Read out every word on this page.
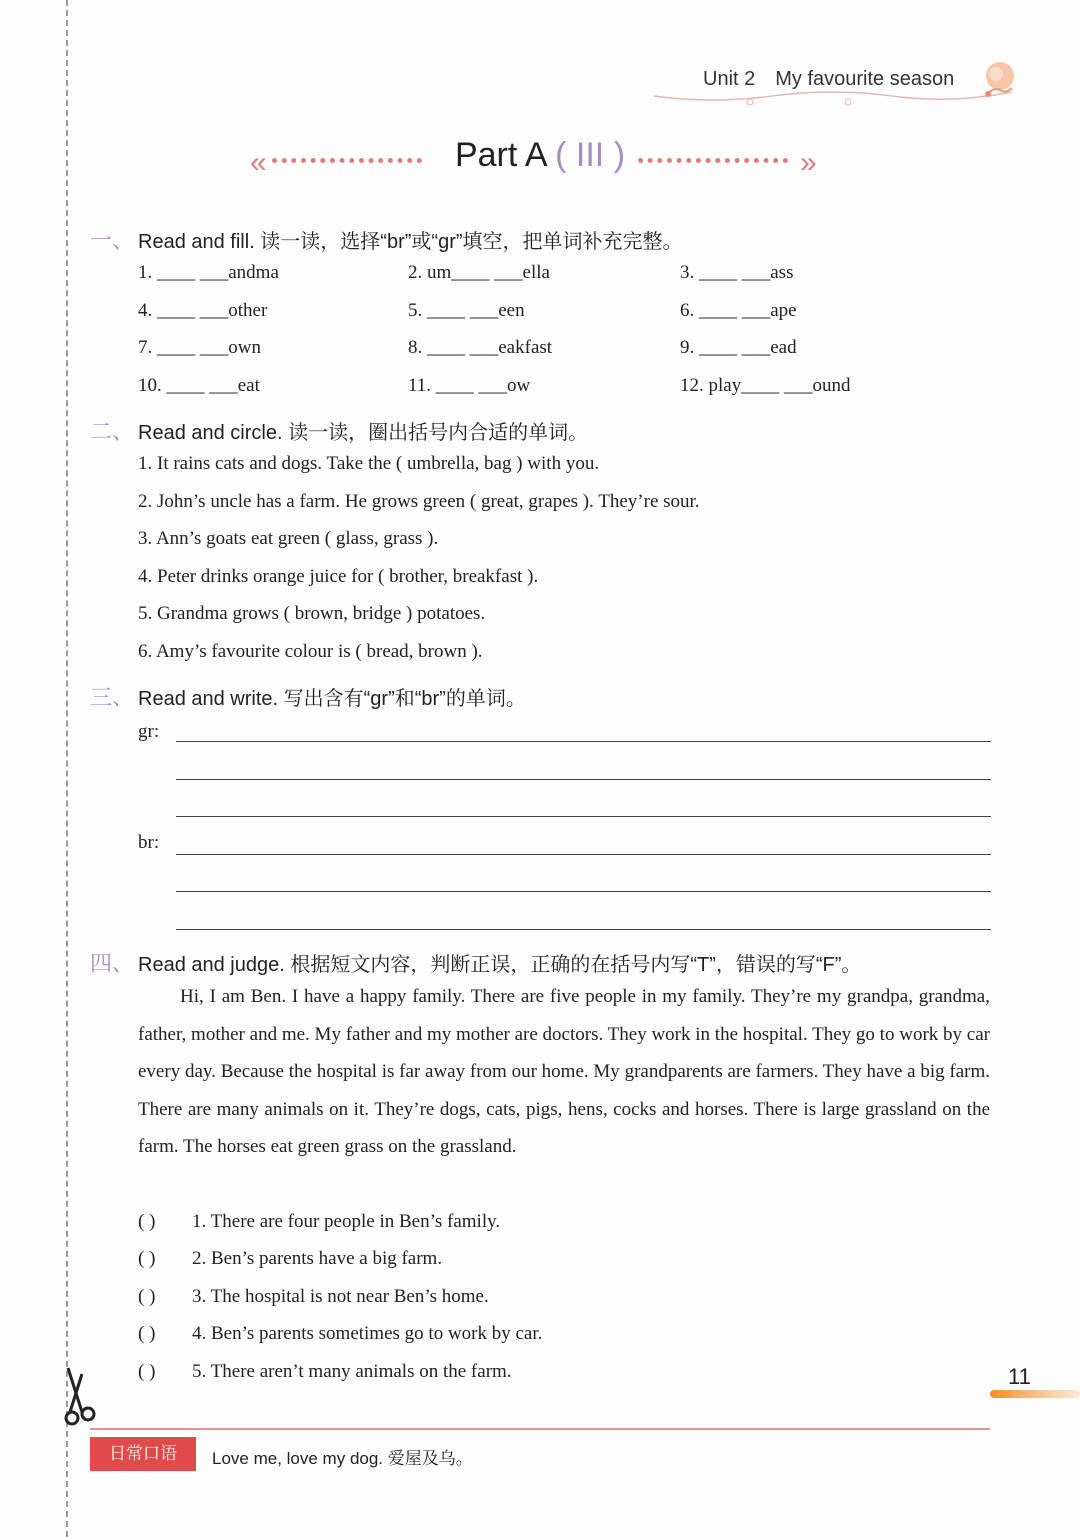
Unit 2 My favourite season
«	Part A ( III )	»
一、 Read and fill. 读一读，选择“br”或“gr”填空，把单词补充完整。
1. ____ ___andma	2. um____ ___ella	3. ____ ___ass
4. ____ ___other	5. ____ ___een	6. ____ ___ape
7. ____ ___own	8. ____ ___eakfast	9. ____ ___ead
10. ____ ___eat	11. ____ ___ow	12. play____ ___ound
二、 Read and circle. 读一读，圈出括号内合适的单词。
1. It rains cats and dogs. Take the ( umbrella, bag ) with you.
2. John’s uncle has a farm. He grows green ( great, grapes ). They’re sour.
3. Ann’s goats eat green ( glass, grass ).
4. Peter drinks orange juice for ( brother, breakfast ).
5. Grandma grows ( brown, bridge ) potatoes.
6. Amy’s favourite colour is ( bread, brown ).
三、 Read and write. 写出含有“gr”和“br”的单词。
gr:
br:
四、 Read and judge. 根据短文内容，判断正误，正确的在括号内写“T”，错误的写“F”。

Hi, I am Ben. I have a happy family. There are five people in my family. They’re my grandpa, grandma, father, mother and me. My father and my mother are doctors. They work in the hospital. They go to work by car every day. Because the hospital is far away from our home. My grandparents are farmers. They have a big farm. There are many animals on it. They’re dogs, cats, pigs, hens, cocks and horses. There is large grassland on the farm. The horses eat green grass on the grassland.

( ) 1. There are four people in Ben’s family.
( ) 2. Ben’s parents have a big farm.
( ) 3. The hospital is not near Ben’s home.
( ) 4. Ben’s parents sometimes go to work by car.
( ) 5. There aren’t many animals on the farm.	11
日常口语	Love me, love my dog. 爱屋及乌。
